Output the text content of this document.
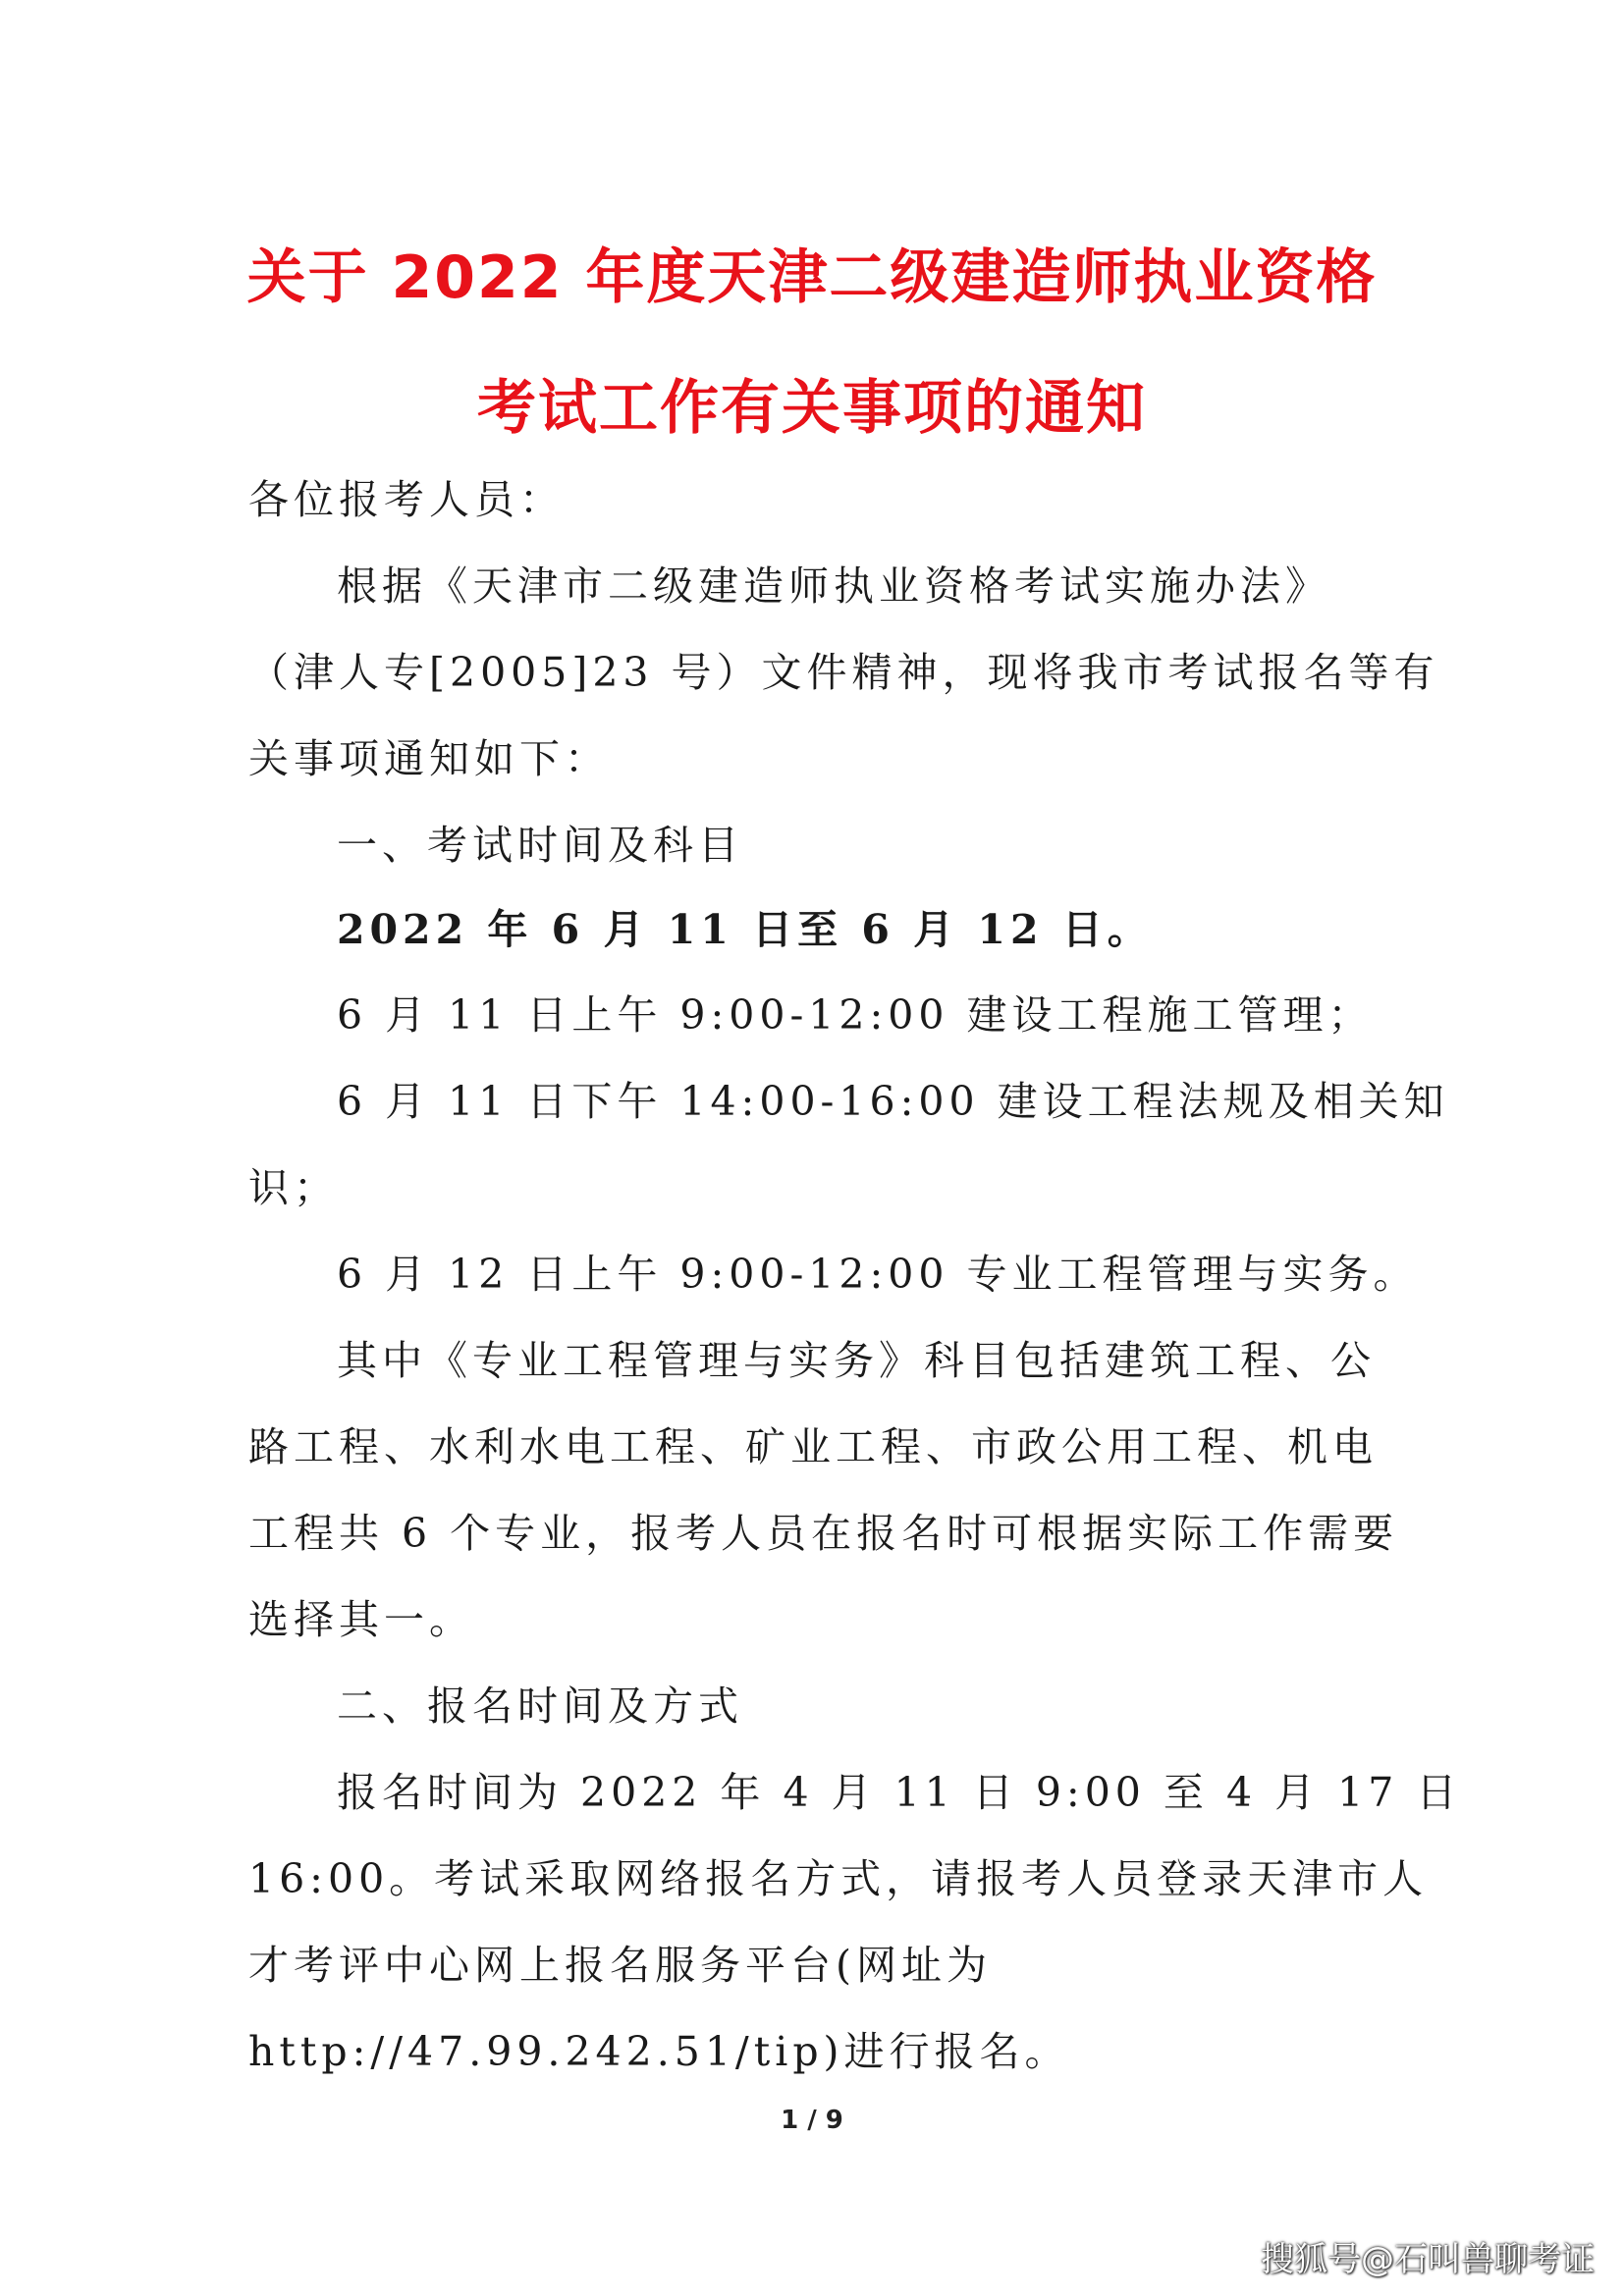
关于 2022 年度天津二级建造师执业资格
考试工作有关事项的通知
各位报考人员：
根据《天津市二级建造师执业资格考试实施办法》
（津人专[2005]23 号）文件精神，现将我市考试报名等有
关事项通知如下：
一、考试时间及科目
2022 年 6 月 11 日至 6 月 12 日。
6 月 11 日上午 9:00-12:00 建设工程施工管理；
6 月 11 日下午 14:00-16:00 建设工程法规及相关知
识；
6 月 12 日上午 9:00-12:00 专业工程管理与实务。
其中《专业工程管理与实务》科目包括建筑工程、公
路工程、水利水电工程、矿业工程、市政公用工程、机电
工程共 6 个专业，报考人员在报名时可根据实际工作需要
选择其一。
二、报名时间及方式
报名时间为 2022 年 4 月 11 日 9:00 至 4 月 17 日
16:00。考试采取网络报名方式，请报考人员登录天津市人
才考评中心网上报名服务平台(网址为
http://47.99.242.51/tip)进行报名。
1 / 9
搜狐号@石叫兽聊考证
